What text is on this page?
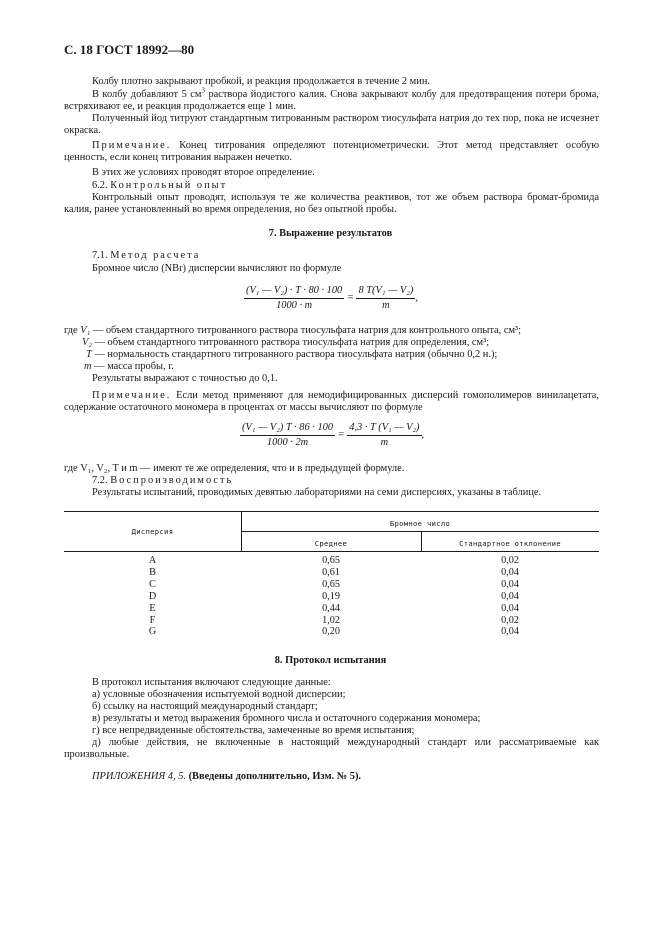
С. 18 ГОСТ 18992—80
Колбу плотно закрывают пробкой, и реакция продолжается в течение 2 мин.
В колбу добавляют 5 $см^3$ раствора йодистого калия. Снова закрывают колбу для предотвращения потери брома, встряхивают ее, и реакция продолжается еще 1 мин.
Полученный йод титруют стандартным титрованным раствором тиосульфата натрия до тех пор, пока не исчезнет окраска.
Примечание. Конец титрования определяют потенциометрически. Этот метод представляет особую ценность, если конец титрования выражен нечетко.
В этих же условиях проводят второе определение.
6.2. Контрольный опыт
Контрольный опыт проводят, используя те же количества реактивов, тот же объем раствора бромат-бромида калия, ранее установленный во время определения, но без опытной пробы.
7. Выражение результатов
7.1. Метод расчета
Бромное число (NBr) дисперсии вычисляют по формуле
$\frac{\text{(V₁ — V₂) · T · 80 · 100}}{1000 \cdot m} = \frac{\text{8 T(V₁ — V₂)}}{m}$ ,
где V₁ — объем стандартного титрованного раствора тиосульфата натрия для контрольного опыта, см³;
V₂ — объем стандартного титрованного раствора тиосульфата натрия для определения, см³;
T — нормальность стандартного титрованного раствора тиосульфата натрия (обычно 0,2 н.);
m — масса пробы, г.
Результаты выражают с точностью до 0,1.
Примечание. Если метод применяют для немодифицированных дисперсий гомополимеров винилацетата, содержание остаточного мономера в процентах от массы вычисляют по формуле
$\frac{\text{(V₁ — V₂) T · 86 · 100}}{1000 \cdot 2m} = \frac{\text{4,3 · T (V₁ — V₂)}}{m}$ ,
где V₁, V₂, T и m — имеют те же определения, что и в предыдущей формуле.
7.2. Воспроизводимость
Результаты испытаний, проводимых девятью лабораториями на семи дисперсиях, указаны в таблице.
Дисперсия
Бромное число
Среднее	Стандартное отклонение
A	0,65	0,02
B	0,61	0,04
C	0,65	0,04
D	0,19	0,04
E	0,44	0,04
F	1,02	0,02
G	0,20	0,04
8. Протокол испытания
В протокол испытания включают следующие данные:
а) условные обозначения испытуемой водной дисперсии;
б) ссылку на настоящий международный стандарт;
в) результаты и метод выражения бромного числа и остаточного содержания мономера;
г) все непредвиденные обстоятельства, замеченные во время испытания;
д) любые действия, не включенные в настоящий международный стандарт или рассматриваемые как произвольные.
ПРИЛОЖЕНИЯ 4, 5. (Введены дополнительно, Изм. № 5).
